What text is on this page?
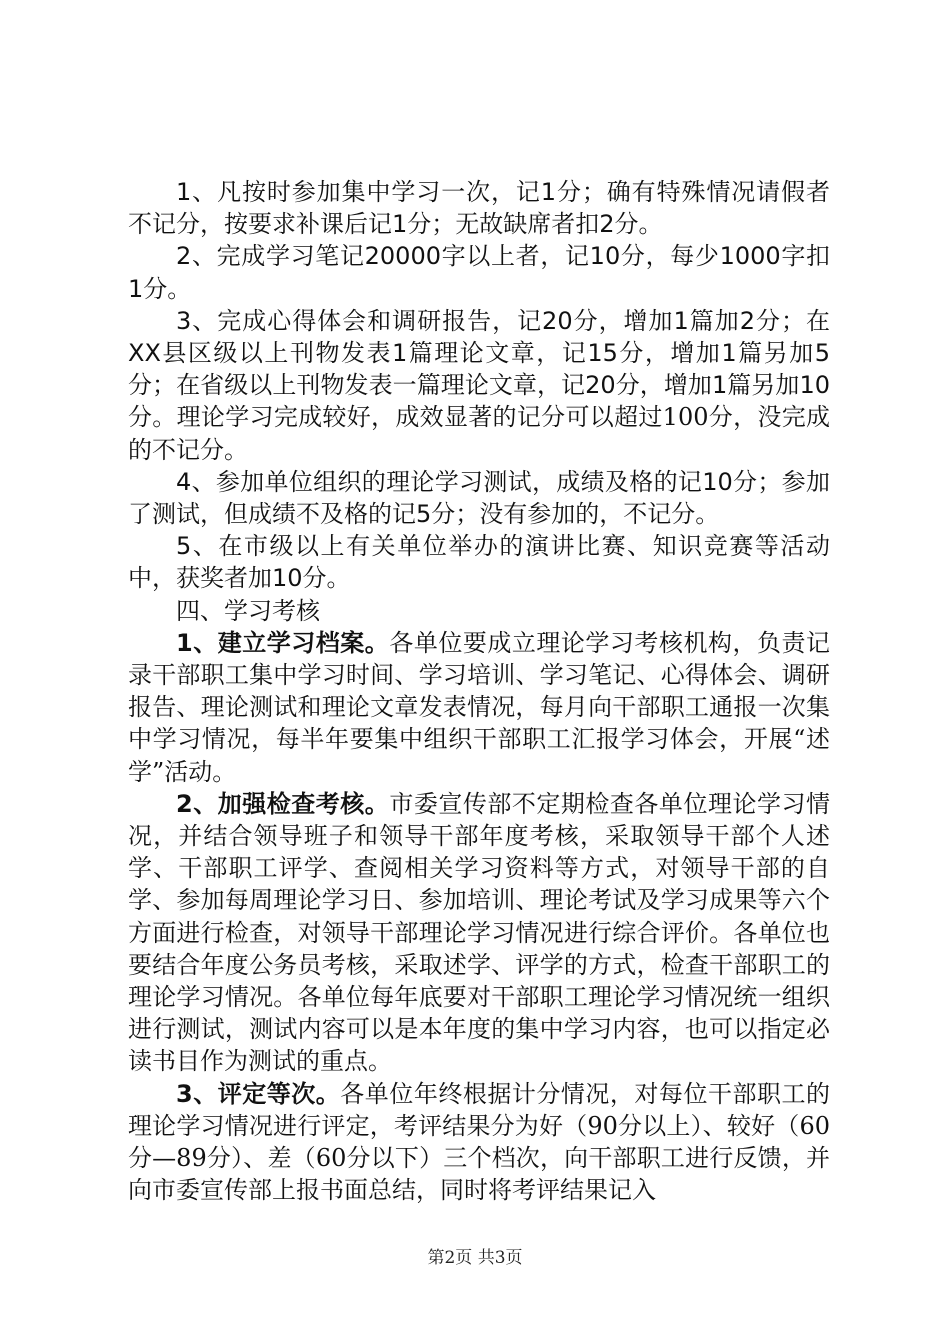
1、凡按时参加集中学习一次，记1分；确有特殊情况请假者不记分，按要求补课后记1分；无故缺席者扣2分。

2、完成学习笔记20000字以上者，记10分，每少1000字扣1分。

3、完成心得体会和调研报告，记20分，增加1篇加2分；在XX县区级以上刊物发表1篇理论文章，记15分，增加1篇另加5分；在省级以上刊物发表一篇理论文章，记20分，增加1篇另加10分。理论学习完成较好，成效显著的记分可以超过100分，没完成的不记分。

4、参加单位组织的理论学习测试，成绩及格的记10分；参加了测试，但成绩不及格的记5分；没有参加的，不记分。

5、在市级以上有关单位举办的演讲比赛、知识竞赛等活动中，获奖者加10分。

四、学习考核

1、建立学习档案。各单位要成立理论学习考核机构，负责记录干部职工集中学习时间、学习培训、学习笔记、心得体会、调研报告、理论测试和理论文章发表情况，每月向干部职工通报一次集中学习情况，每半年要集中组织干部职工汇报学习体会，开展“述学”活动。

2、加强检查考核。市委宣传部不定期检查各单位理论学习情况，并结合领导班子和领导干部年度考核，采取领导干部个人述学、干部职工评学、查阅相关学习资料等方式，对领导干部的自学、参加每周理论学习日、参加培训、理论考试及学习成果等六个方面进行检查，对领导干部理论学习情况进行综合评价。各单位也要结合年度公务员考核，采取述学、评学的方式，检查干部职工的理论学习情况。各单位每年底要对干部职工理论学习情况统一组织进行测试，测试内容可以是本年度的集中学习内容，也可以指定必读书目作为测试的重点。

3、评定等次。各单位年终根据计分情况，对每位干部职工的理论学习情况进行评定，考评结果分为好（90分以上）、较好（60分—89分）、差（60分以下）三个档次，向干部职工进行反馈，并向市委宣传部上报书面总结，同时将考评结果记入

第2页 共3页
